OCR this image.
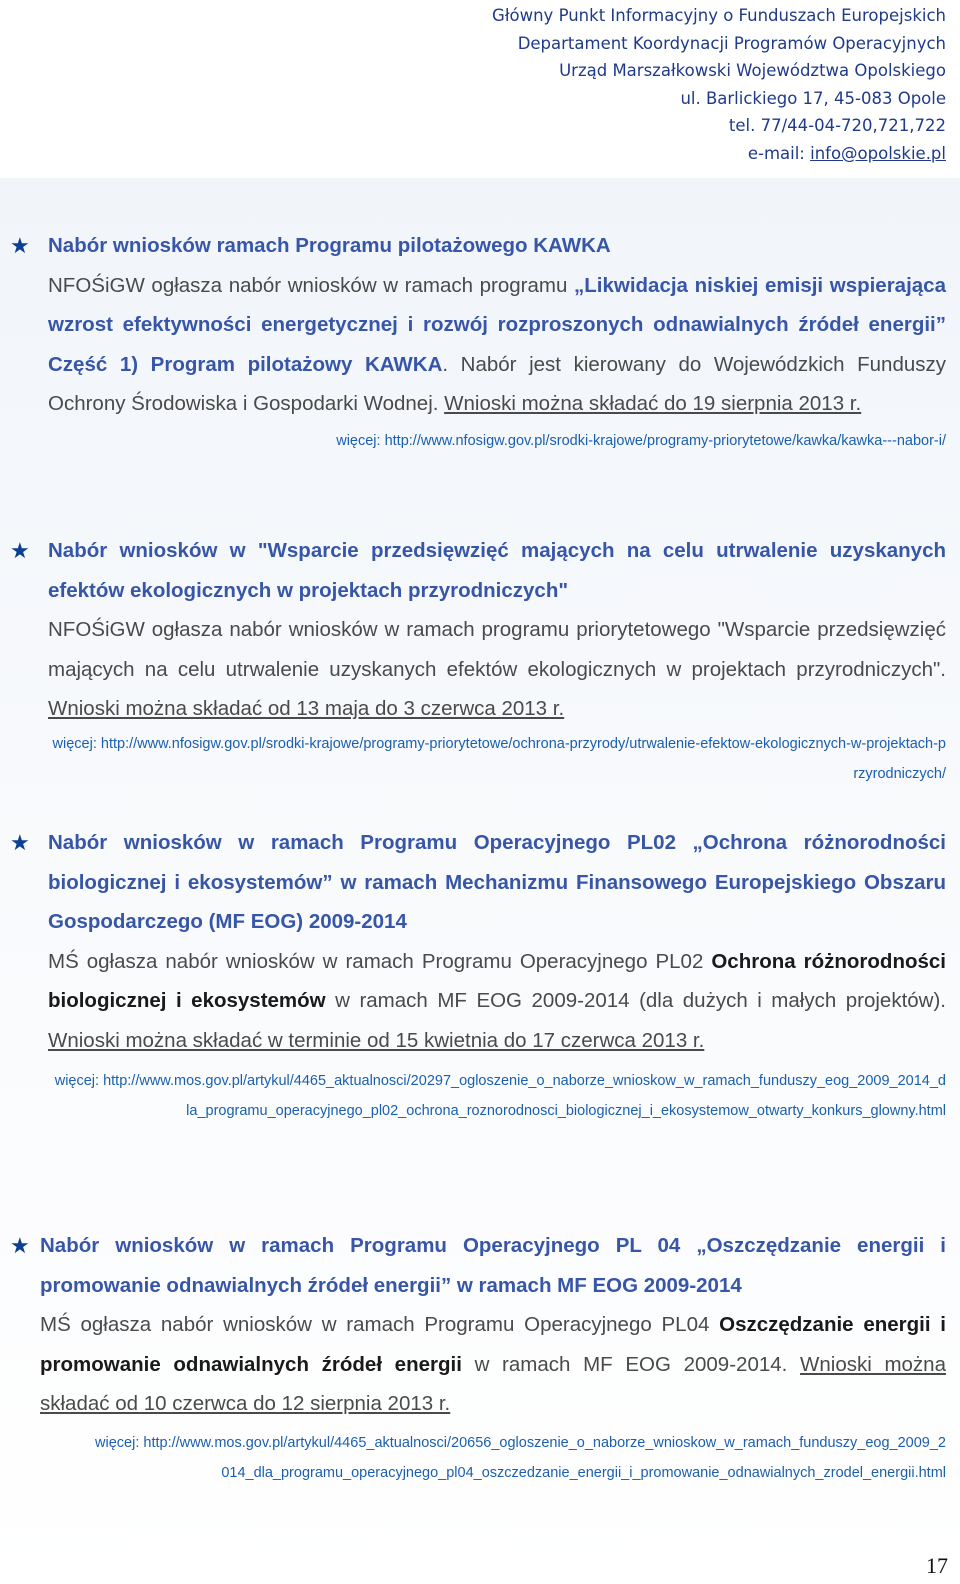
Główny Punkt Informacyjny o Funduszach Europejskich
Departament Koordynacji Programów Operacyjnych
Urząd Marszałkowski Województwa Opolskiego
ul. Barlickiego 17, 45-083 Opole
tel. 77/44-04-720,721,722
e-mail: info@opolskie.pl
★ Nabór wniosków ramach Programu pilotażowego KAWKA

NFOŚiGW ogłasza nabór wniosków w ramach programu „Likwidacja niskiej emisji wspierająca wzrost efektywności energetycznej i rozwój rozproszonych odnawialnych źródeł energii” Część 1) Program pilotażowy KAWKA. Nabór jest kierowany do Wojewódzkich Funduszy Ochrony Środowiska i Gospodarki Wodnej. Wnioski można składać do 19 sierpnia 2013 r.

więcej: http://www.nfosigw.gov.pl/srodki-krajowe/programy-priorytetowe/kawka/kawka---nabor-i/

★ Nabór wniosków w "Wsparcie przedsięwzięć mających na celu utrwalenie uzyskanych efektów ekologicznych w projektach przyrodniczych"

NFOŚiGW ogłasza nabór wniosków w ramach programu priorytetowego "Wsparcie przedsięwzięć mających na celu utrwalenie uzyskanych efektów ekologicznych w projektach przyrodniczych". Wnioski można składać od 13 maja do 3 czerwca 2013 r.

więcej: http://www.nfosigw.gov.pl/srodki-krajowe/programy-priorytetowe/ochrona-przyrody/utrwalenie-efektow-ekologicznych-w-projektach-przyrodniczych/

★ Nabór wniosków w ramach Programu Operacyjnego PL02 „Ochrona różnorodności biologicznej i ekosystemów” w ramach Mechanizmu Finansowego Europejskiego Obszaru Gospodarczego (MF EOG) 2009-2014

MŚ ogłasza nabór wniosków w ramach Programu Operacyjnego PL02 Ochrona różnorodności biologicznej i ekosystemów w ramach MF EOG 2009-2014 (dla dużych i małych projektów). Wnioski można składać w terminie od 15 kwietnia do 17 czerwca 2013 r.

więcej: http://www.mos.gov.pl/artykul/4465_aktualnosci/20297_ogloszenie_o_naborze_wnioskow_w_ramach_funduszy_eog_2009_2014_dla_programu_operacyjnego_pl02_ochrona_roznorodnosci_biologicznej_i_ekosystemow_otwarty_konkurs_glowny.html

★ Nabór wniosków w ramach Programu Operacyjnego PL 04 „Oszczędzanie energii i promowanie odnawialnych źródeł energii” w ramach MF EOG 2009-2014

MŚ ogłasza nabór wniosków w ramach Programu Operacyjnego PL04 Oszczędzanie energii i promowanie odnawialnych źródeł energii w ramach MF EOG 2009-2014. Wnioski można składać od 10 czerwca do 12 sierpnia 2013 r.

więcej: http://www.mos.gov.pl/artykul/4465_aktualnosci/20656_ogloszenie_o_naborze_wnioskow_w_ramach_funduszy_eog_2009_2014_dla_programu_operacyjnego_pl04_oszczedzanie_energii_i_promowanie_odnawialnych_zrodel_energii.html

17
